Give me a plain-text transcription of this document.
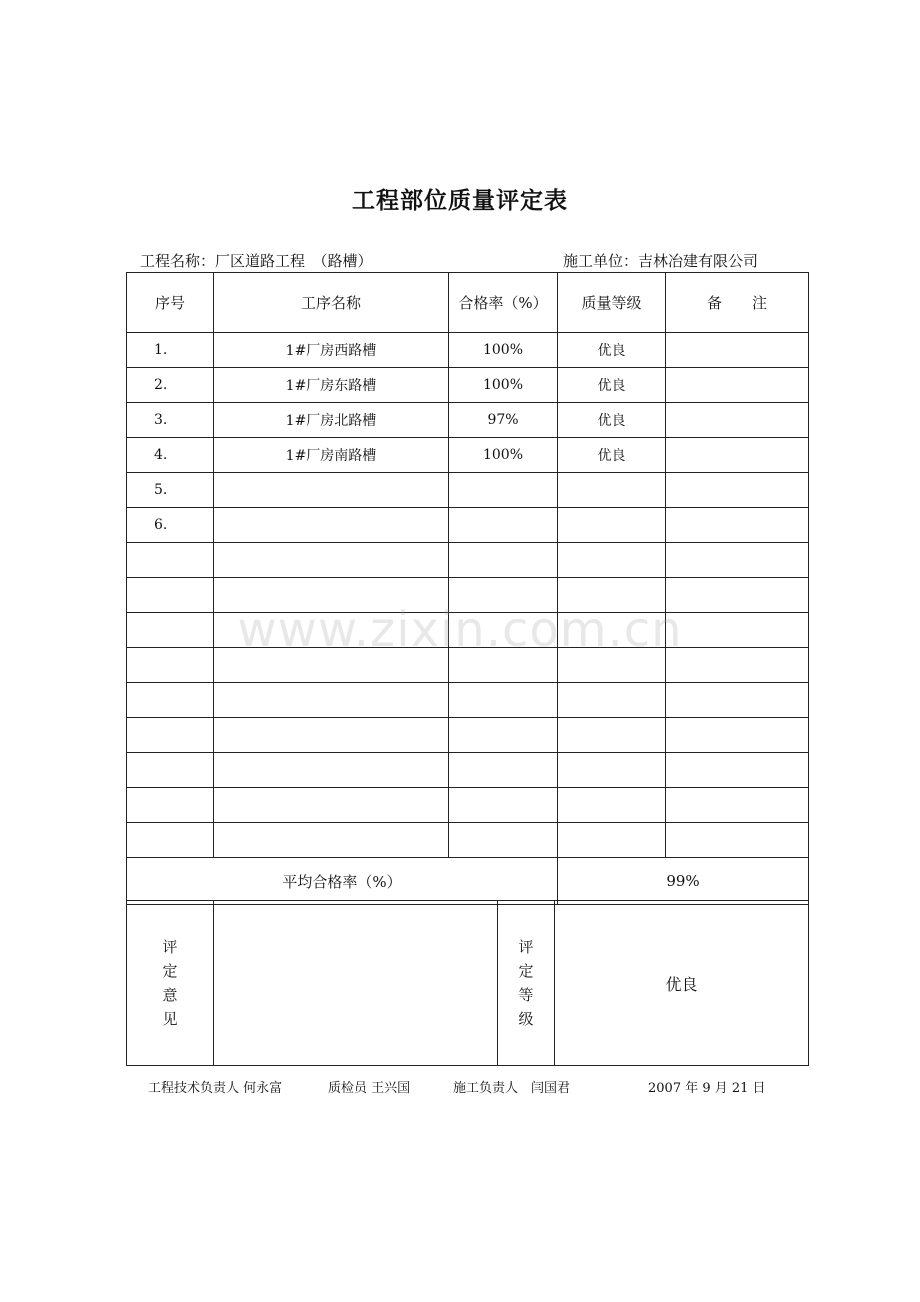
工程部位质量评定表
工程名称：厂区道路工程　（路槽）	施工单位：吉林冶建有限公司
序号	工序名称	合格率（%）	质量等级	备　　注
1.	1#厂房西路槽	100%	优良	
2.	1#厂房东路槽	100%	优良	
3.	1#厂房北路槽	97%	优良	
4.	1#厂房南路槽	100%	优良	
5.				
6.				

平均合格率（%）			99%	
评定意见		评定等级	优良
www.zixin.com.cn
工程技术负责人 何永富	质检员 王兴国	施工负责人　闫国君	2007 年 9 月 21 日
